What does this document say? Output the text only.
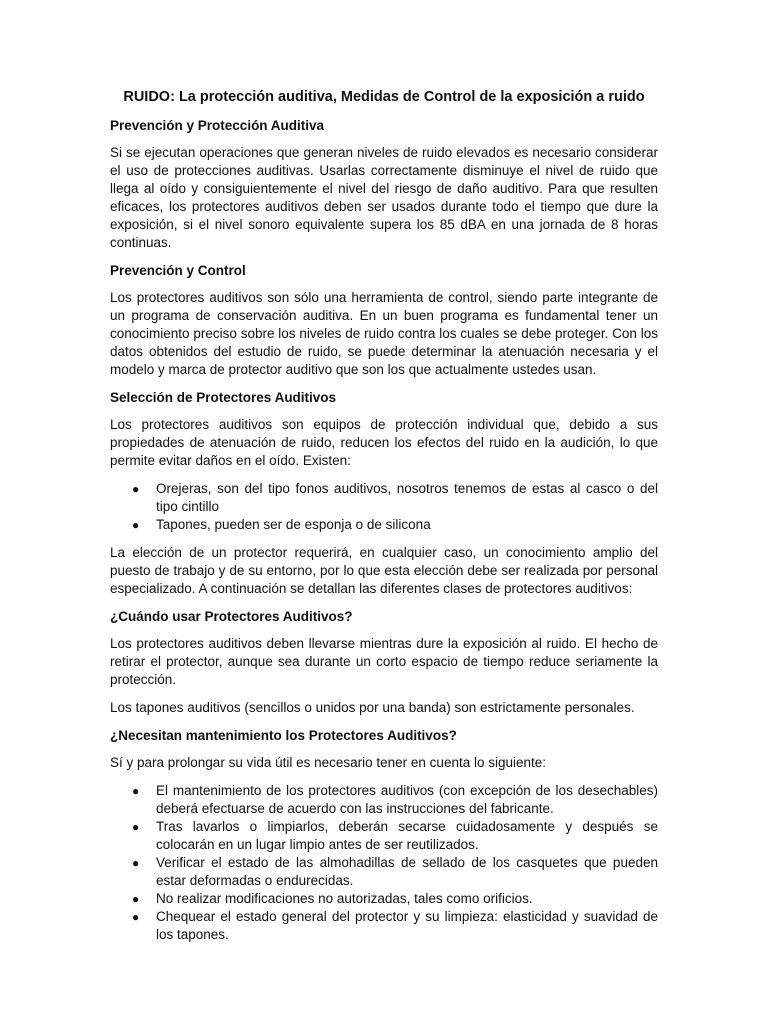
RUIDO: La protección auditiva, Medidas de Control de la exposición a ruido
Prevención y Protección Auditiva

Si se ejecutan operaciones que generan niveles de ruido elevados es necesario considerar el uso de protecciones auditivas. Usarlas correctamente disminuye el nivel de ruido que llega al oído y consiguientemente el nivel del riesgo de daño auditivo. Para que resulten eficaces, los protectores auditivos deben ser usados durante todo el tiempo que dure la exposición, si el nivel sonoro equivalente supera los 85 dBA en una jornada de 8 horas continuas.

Prevención y Control

Los protectores auditivos son sólo una herramienta de control, siendo parte integrante de un programa de conservación auditiva. En un buen programa es fundamental tener un conocimiento preciso sobre los niveles de ruido contra los cuales se debe proteger. Con los datos obtenidos del estudio de ruido, se puede determinar la atenuación necesaria y el modelo y marca de protector auditivo que son los que actualmente ustedes usan.

Selección de Protectores Auditivos

Los protectores auditivos son equipos de protección individual que, debido a sus propiedades de atenuación de ruido, reducen los efectos del ruido en la audición, lo que permite evitar daños en el oído. Existen:

● Orejeras, son del tipo fonos auditivos, nosotros tenemos de estas al casco o del tipo cintillo
● Tapones, pueden ser de esponja o de silicona

La elección de un protector requerirá, en cualquier caso, un conocimiento amplio del puesto de trabajo y de su entorno, por lo que esta elección debe ser realizada por personal especializado. A continuación se detallan las diferentes clases de protectores auditivos:

¿Cuándo usar Protectores Auditivos?

Los protectores auditivos deben llevarse mientras dure la exposición al ruido. El hecho de retirar el protector, aunque sea durante un corto espacio de tiempo reduce seriamente la protección.

Los tapones auditivos (sencillos o unidos por una banda) son estrictamente personales.

¿Necesitan mantenimiento los Protectores Auditivos?

Sí y para prolongar su vida útil es necesario tener en cuenta lo siguiente:

● El mantenimiento de los protectores auditivos (con excepción de los desechables) deberá efectuarse de acuerdo con las instrucciones del fabricante.
● Tras lavarlos o limpiarlos, deberán secarse cuidadosamente y después se colocarán en un lugar limpio antes de ser reutilizados.
● Verificar el estado de las almohadillas de sellado de los casquetes que pueden estar deformadas o endurecidas.
● No realizar modificaciones no autorizadas, tales como orificios.
● Chequear el estado general del protector y su limpieza: elasticidad y suavidad de los tapones.
